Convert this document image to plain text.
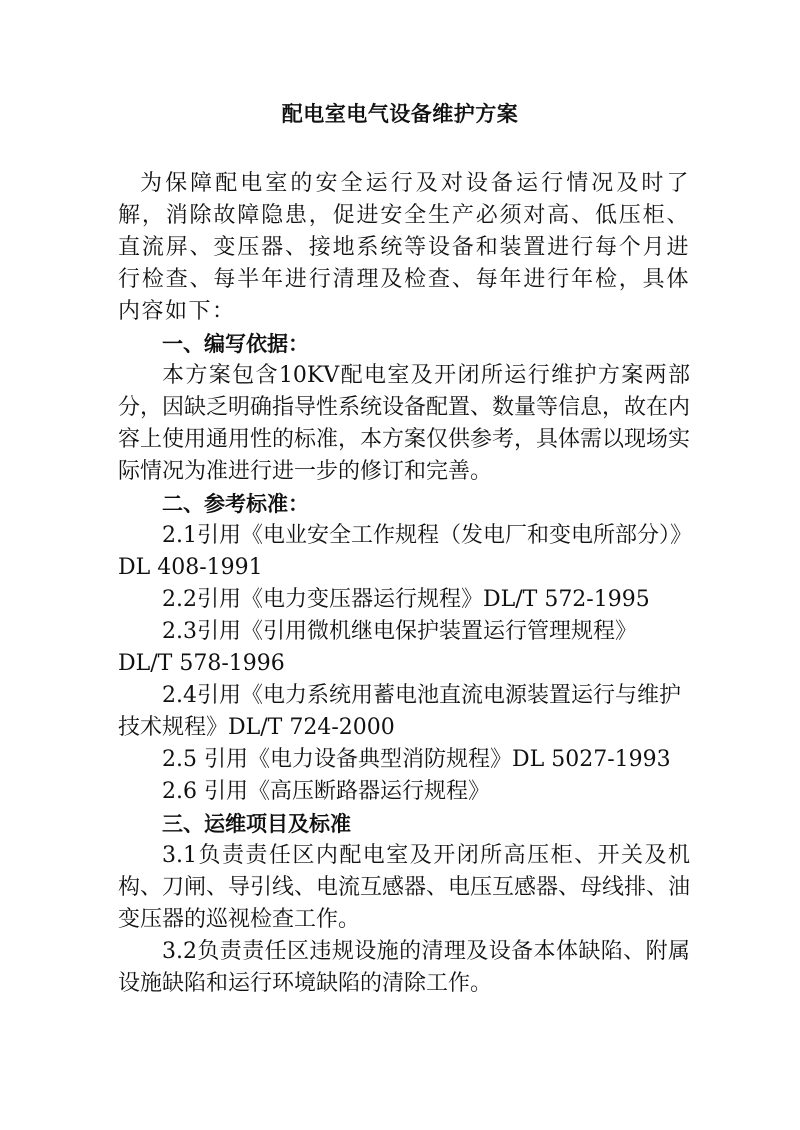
配电室电气设备维护方案

为保障配电室的安全运行及对设备运行情况及时了解，消除故障隐患，促进安全生产必须对高、低压柜、直流屏、变压器、接地系统等设备和装置进行每个月进行检查、每半年进行清理及检查、每年进行年检，具体内容如下：

一、编写依据：

本方案包含10KV配电室及开闭所运行维护方案两部分，因缺乏明确指导性系统设备配置、数量等信息，故在内容上使用通用性的标准，本方案仅供参考，具体需以现场实际情况为准进行进一步的修订和完善。

二、参考标准：

2.1引用《电业安全工作规程（发电厂和变电所部分）》DL 408-1991

2.2引用《电力变压器运行规程》DL/T 572-1995

2.3引用《引用微机继电保护装置运行管理规程》DL/T 578-1996

2.4引用《电力系统用蓄电池直流电源装置运行与维护技术规程》DL/T 724-2000

2.5 引用《电力设备典型消防规程》DL 5027-1993

2.6 引用《高压断路器运行规程》

三、运维项目及标准

3.1负责责任区内配电室及开闭所高压柜、开关及机构、刀闸、导引线、电流互感器、电压互感器、母线排、油变压器的巡视检查工作。

3.2负责责任区违规设施的清理及设备本体缺陷、附属设施缺陷和运行环境缺陷的清除工作。
